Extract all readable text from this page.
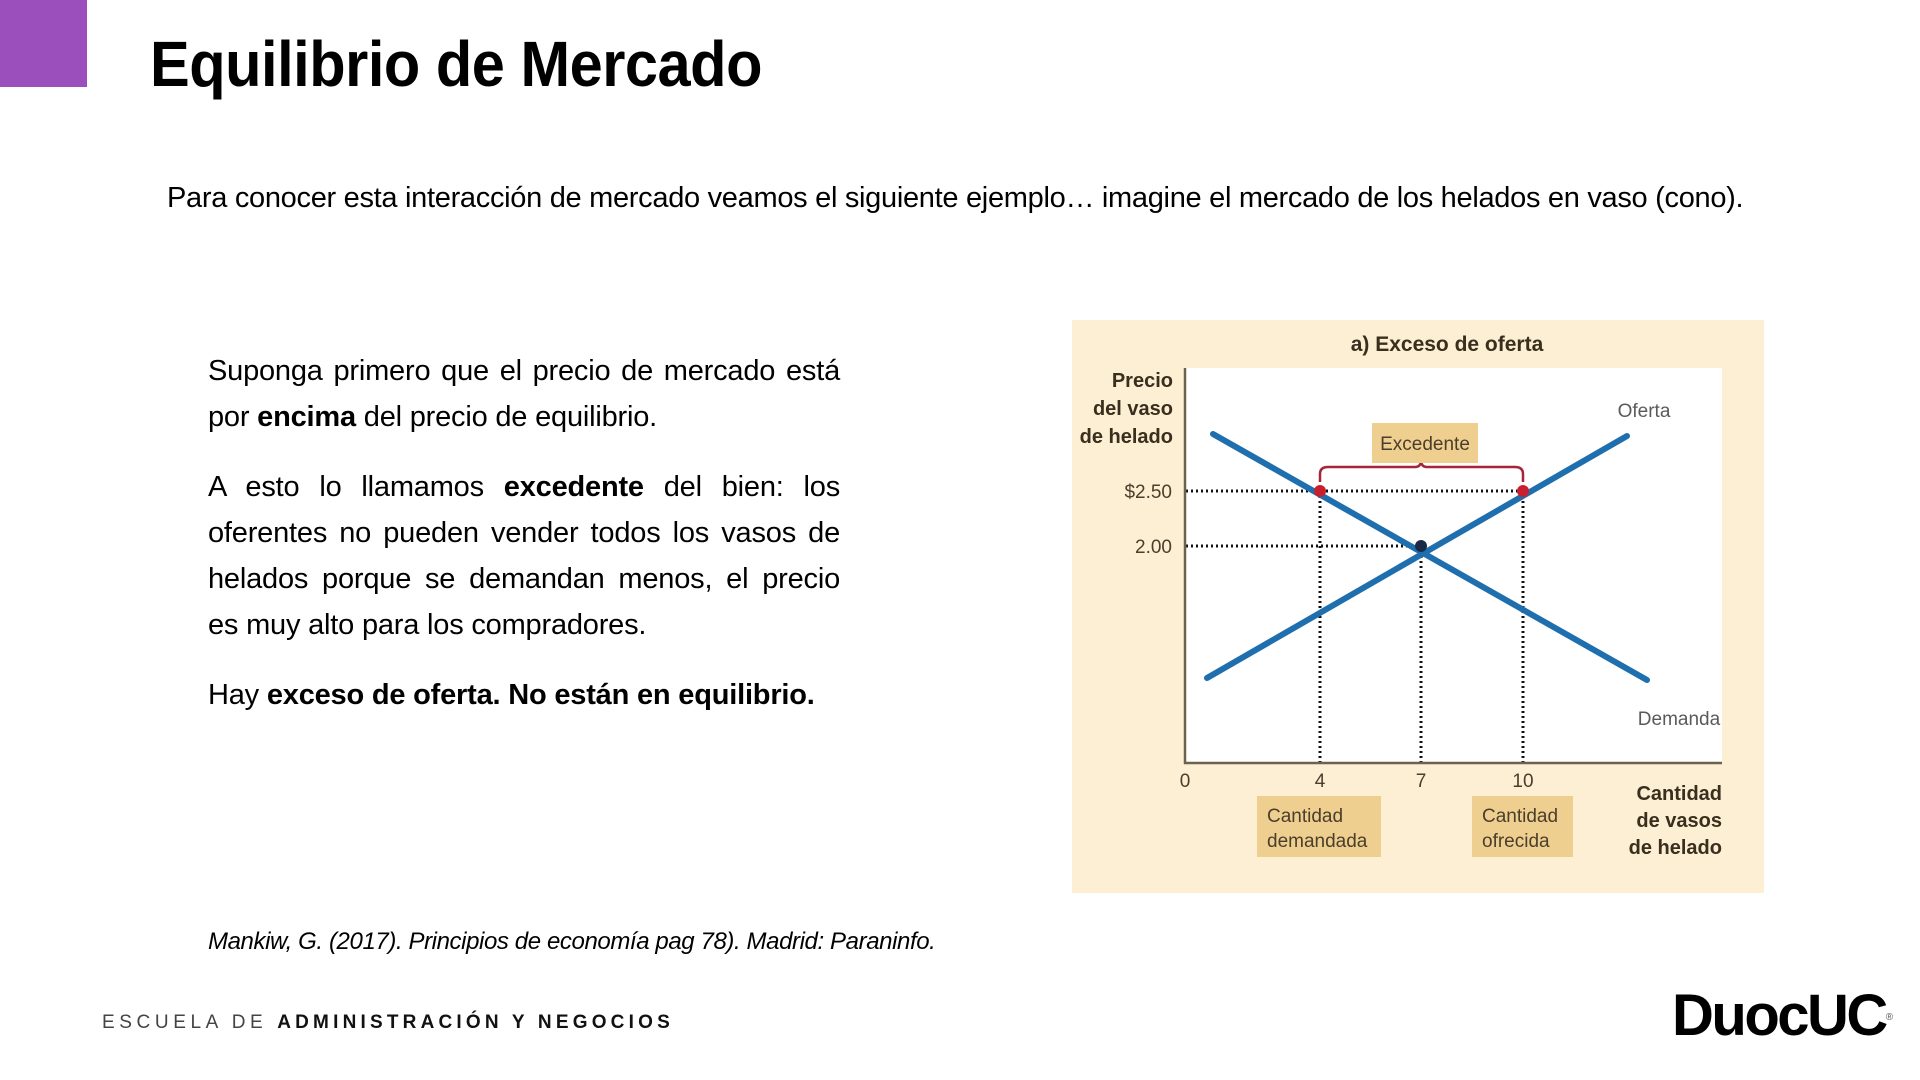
Equilibrio de Mercado

Para conocer esta interacción de mercado veamos el siguiente ejemplo… imagine el mercado de los helados en vaso (cono).

Suponga primero que el precio de mercado está por encima del precio de equilibrio.

A esto lo llamamos excedente del bien: los oferentes no pueden vender todos los vasos de helados porque se demandan menos, el precio es muy alto para los compradores.

Hay exceso de oferta. No están en equilibrio.

a) Exceso de oferta
Precio
del vaso
de helado
$2.50
2.00
Excedente
Oferta
Demanda
0	4	7	10
Cantidad
demandada
Cantidad
ofrecida
Cantidad
de vasos
de helado

Mankiw, G. (2017). Principios de economía pag 78). Madrid: Paraninfo.

ESCUELA DE ADMINISTRACIÓN Y NEGOCIOS	DuocUC®
